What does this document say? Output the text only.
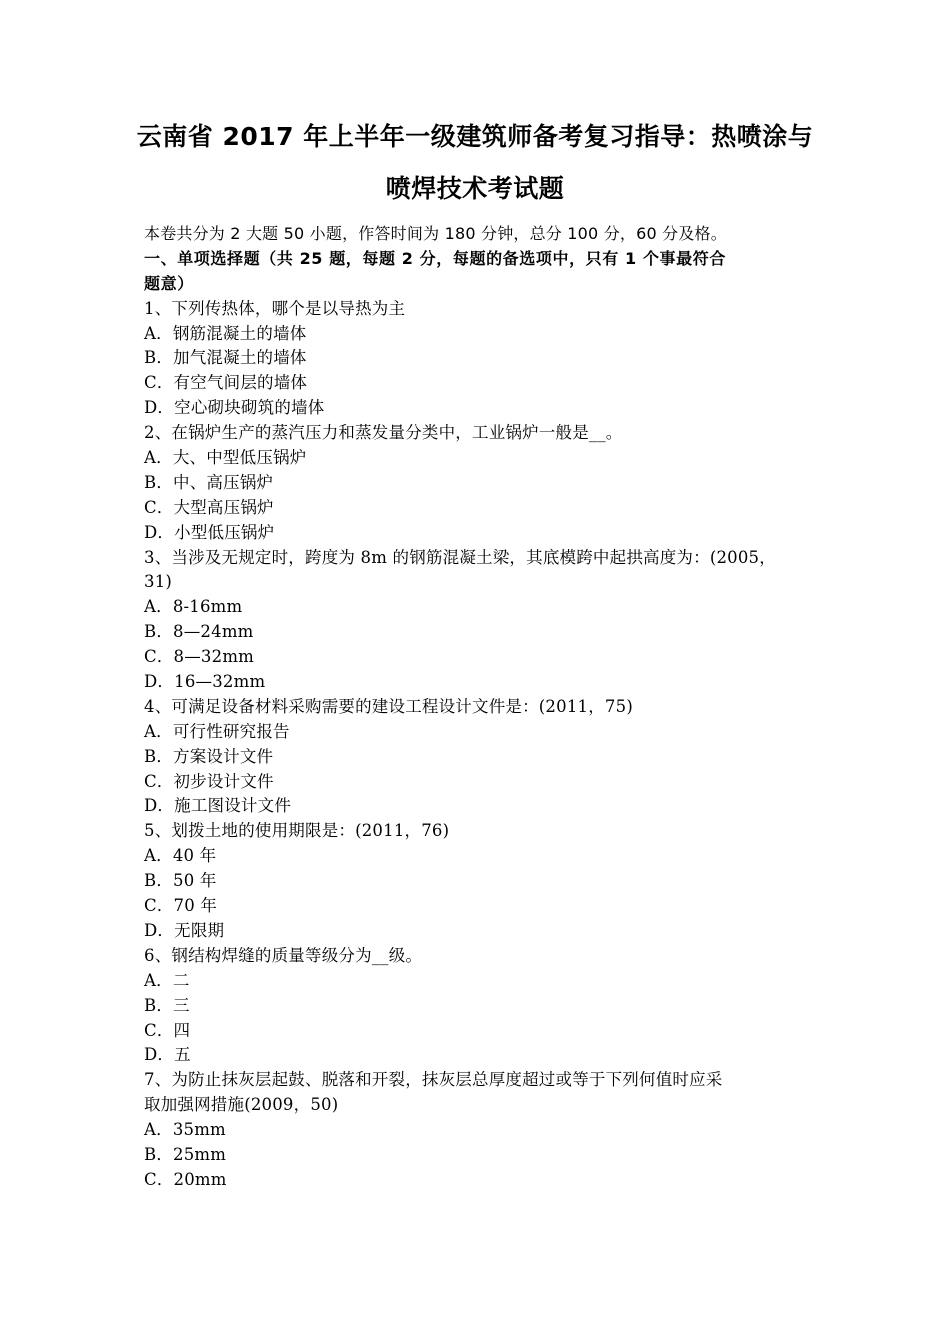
云南省 2017 年上半年一级建筑师备考复习指导：热喷涂与
喷焊技术考试题
本卷共分为 2 大题 50 小题，作答时间为 180 分钟，总分 100 分，60 分及格。
一、单项选择题（共 25 题，每题 2 分，每题的备选项中，只有 1 个事最符合
题意）
1、下列传热体，哪个是以导热为主
A．钢筋混凝土的墙体
B．加气混凝土的墙体
C．有空气间层的墙体
D．空心砌块砌筑的墙体
2、在锅炉生产的蒸汽压力和蒸发量分类中，工业锅炉一般是__。
A．大、中型低压锅炉
B．中、高压锅炉
C．大型高压锅炉
D．小型低压锅炉
3、当涉及无规定时，跨度为 8m 的钢筋混凝土梁，其底模跨中起拱高度为：(2005，
31)
A．8-16mm
B．8—24mm
C．8—32mm
D．16—32mm
4、可满足设备材料采购需要的建设工程设计文件是：(2011，75)
A．可行性研究报告
B．方案设计文件
C．初步设计文件
D．施工图设计文件
5、划拨土地的使用期限是：(2011，76)
A．40 年
B．50 年
C．70 年
D．无限期
6、钢结构焊缝的质量等级分为__级。
A．二
B．三
C．四
D．五
7、为防止抹灰层起鼓、脱落和开裂，抹灰层总厚度超过或等于下列何值时应采
取加强网措施(2009，50)
A．35mm
B．25mm
C．20mm
